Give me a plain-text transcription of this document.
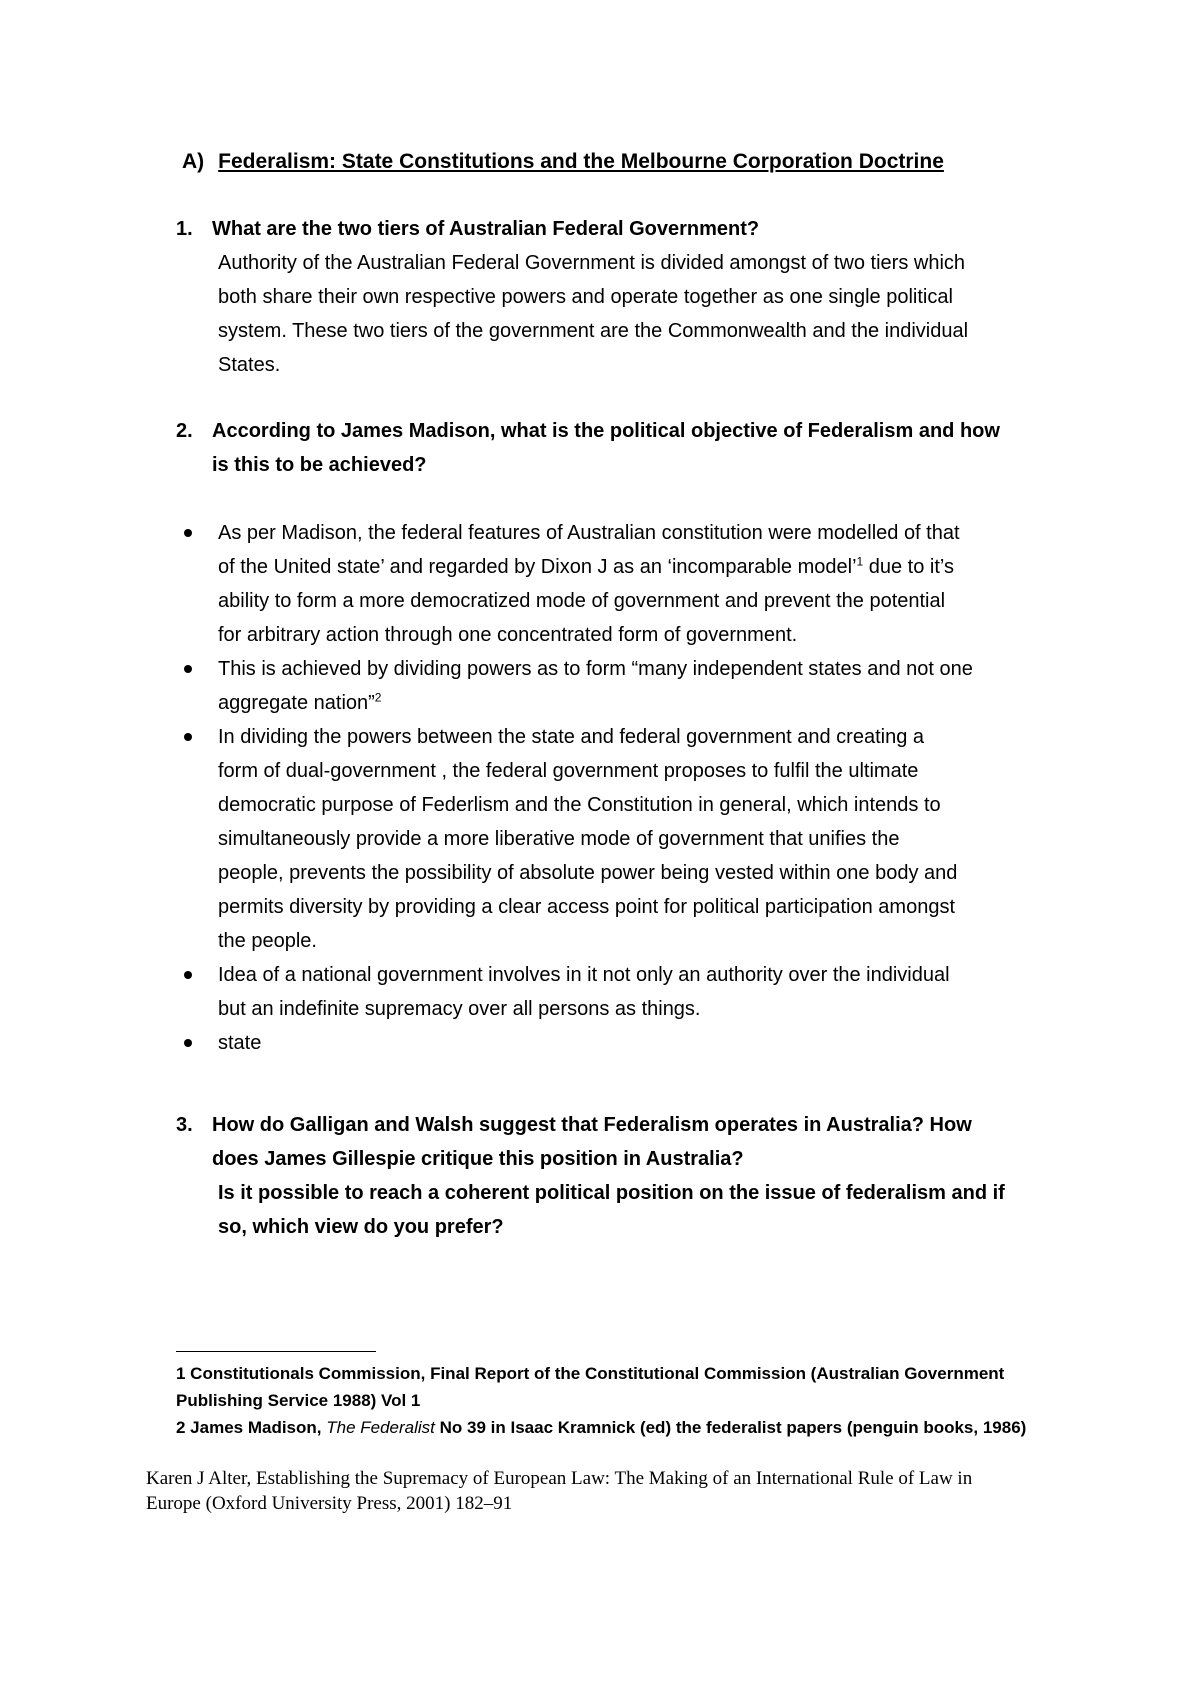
A) Federalism: State Constitutions and the Melbourne Corporation Doctrine
1. What are the two tiers of Australian Federal Government?
Authority of the Australian Federal Government is divided amongst of two tiers which
both share their own respective powers and operate together as one single political
system. These two tiers of the government are the Commonwealth and the individual
States.
2. According to James Madison, what is the political objective of Federalism and how
is this to be achieved?
As per Madison, the federal features of Australian constitution were modelled of that
of the United state’ and regarded by Dixon J as an ‘incomparable model’$^1$ due to it’s
ability to form a more democratized mode of government and prevent the potential
for arbitrary action through one concentrated form of government.
This is achieved by dividing powers as to form “many independent states and not one
aggregate nation”$^2$
In dividing the powers between the state and federal government and creating a
form of dual-government , the federal government proposes to fulfil the ultimate
democratic purpose of Federlism and the Constitution in general, which intends to
simultaneously provide a more liberative mode of government that unifies the
people, prevents the possibility of absolute power being vested within one body and
permits diversity by providing a clear access point for political participation amongst
the people.
Idea of a national government involves in it not only an authority over the individual
but an indefinite supremacy over all persons as things.
state
3. How do Galligan and Walsh suggest that Federalism operates in Australia? How
does James Gillespie critique this position in Australia?
Is it possible to reach a coherent political position on the issue of federalism and if
so, which view do you prefer?
1 Constitutionals Commission, Final Report of the Constitutional Commission (Australian Government
Publishing Service 1988) Vol 1
2 James Madison, The Federalist No 39 in Isaac Kramnick (ed) the federalist papers (penguin books, 1986)
Karen J Alter, Establishing the Supremacy of European Law: The Making of an International Rule of Law in
Europe (Oxford University Press, 2001) 182–91
